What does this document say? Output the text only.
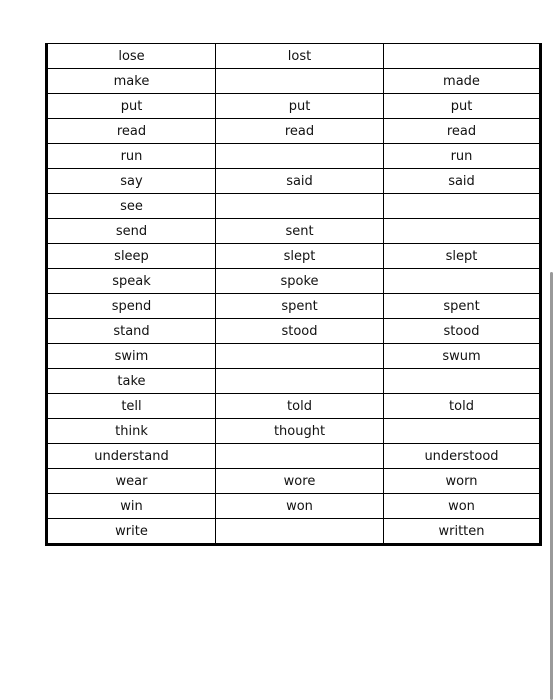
lose	lost	
make		made
put	put	put
read	read	read
run		run
say	said	said
see		
send	sent	
sleep	slept	slept
speak	spoke	
spend	spent	spent
stand	stood	stood
swim		swum
take		
tell	told	told
think	thought	
understand		understood
wear	wore	worn
win	won	won
write		written
